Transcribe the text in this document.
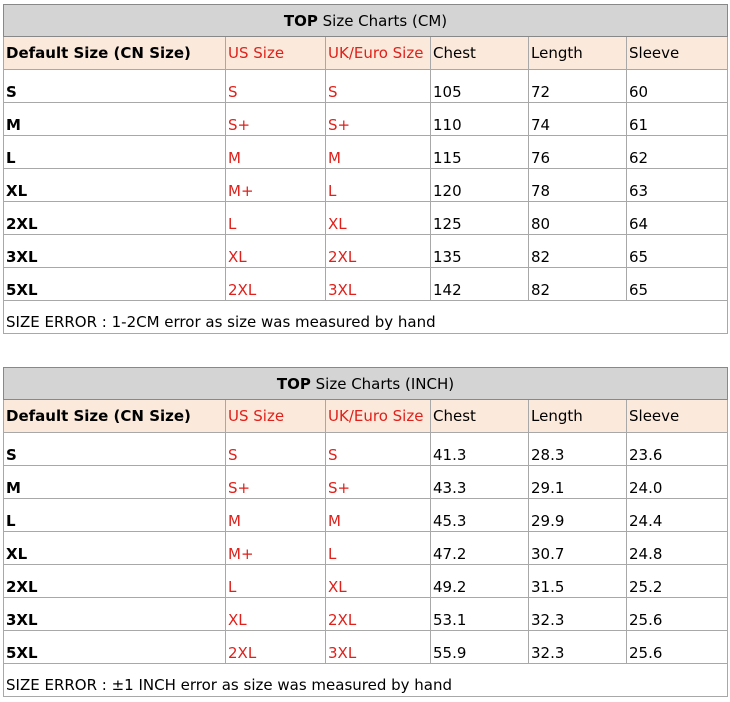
TOP Size Charts (CM)					
Default Size (CN Size)	US Size	UK/Euro Size	Chest	Length	Sleeve
S	S	S	105	72	60
M	S+	S+	110	74	61
L	M	M	115	76	62
XL	M+	L	120	78	63
2XL	L	XL	125	80	64
3XL	XL	2XL	135	82	65
5XL	2XL	3XL	142	82	65
SIZE ERROR : 1-2CM error as size was measured by hand					
TOP Size Charts (INCH)					
Default Size (CN Size)	US Size	UK/Euro Size	Chest	Length	Sleeve
S	S	S	41.3	28.3	23.6
M	S+	S+	43.3	29.1	24.0
L	M	M	45.3	29.9	24.4
XL	M+	L	47.2	30.7	24.8
2XL	L	XL	49.2	31.5	25.2
3XL	XL	2XL	53.1	32.3	25.6
5XL	2XL	3XL	55.9	32.3	25.6
SIZE ERROR : ±1 INCH error as size was measured by hand					
